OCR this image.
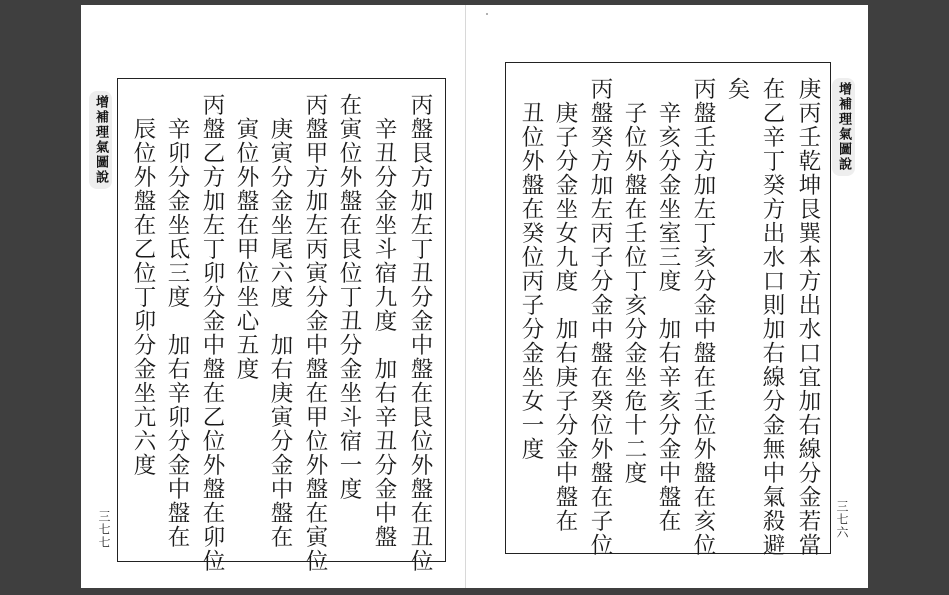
增補理氣圖說	丙盤艮方加左丁丑分金中盤在艮位外盤在丑位
　辛丑分金坐斗宿九度　加右辛丑分金中盤
在寅位外盤在艮位丁丑分金坐斗宿一度
丙盤甲方加左丙寅分金中盤在甲位外盤在寅位
　庚寅分金坐尾六度　加右庚寅分金中盤在
　寅位外盤在甲位坐心五度
丙盤乙方加左丁卯分金中盤在乙位外盤在卯位
　辛卯分金坐氐三度　加右辛卯分金中盤在
　辰位外盤在乙位丁卯分金坐亢六度
三七七	庚丙壬乾坤艮巽本方出水口宜加右線分金若當
在乙辛丁癸方出水口則加右線分金無中氣殺避
矣
丙盤壬方加左丁亥分金中盤在壬位外盤在亥位
　辛亥分金坐室三度　加右辛亥分金中盤在
　子位外盤在壬位丁亥分金坐危十二度
丙盤癸方加左丙子分金中盤在癸位外盤在子位
　庚子分金坐女九度　加右庚子分金中盤在
　丑位外盤在癸位丙子分金坐女一度	增補理氣圖說
三七六
